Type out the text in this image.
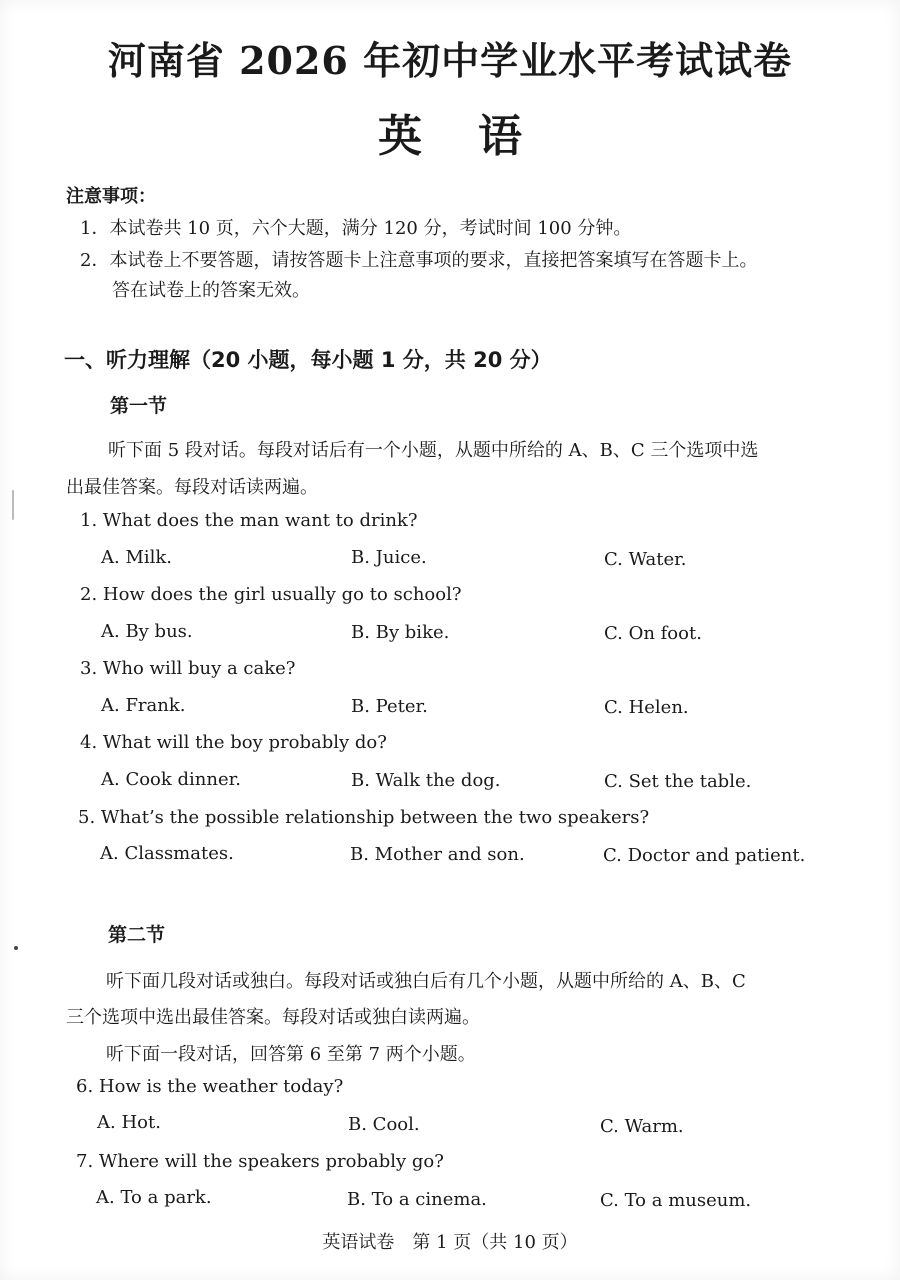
河南省 2026 年初中学业水平考试试卷
英语
注意事项：
1．本试卷共 10 页，六个大题，满分 120 分，考试时间 100 分钟。
2．本试卷上不要答题，请按答题卡上注意事项的要求，直接把答案填写在答题卡上。
答在试卷上的答案无效。
一、听力理解（20 小题，每小题 1 分，共 20 分）
第一节
听下面 5 段对话。每段对话后有一个小题，从题中所给的 A、B、C 三个选项中选
出最佳答案。每段对话读两遍。
1. What does the man want to drink?
A. Milk.	B. Juice.	C. Water.
2. How does the girl usually go to school?
A. By bus.	B. By bike.	C. On foot.
3. Who will buy a cake?
A. Frank.	B. Peter.	C. Helen.
4. What will the boy probably do?
A. Cook dinner.	B. Walk the dog.	C. Set the table.
5. What’s the possible relationship between the two speakers?
A. Classmates.	B. Mother and son.	C. Doctor and patient.
第二节
听下面几段对话或独白。每段对话或独白后有几个小题，从题中所给的 A、B、C
三个选项中选出最佳答案。每段对话或独白读两遍。
听下面一段对话，回答第 6 至第 7 两个小题。
6. How is the weather today?
A. Hot.	B. Cool.	C. Warm.
7. Where will the speakers probably go?
A. To a park.	B. To a cinema.	C. To a museum.
英语试卷　第 1 页（共 10 页）
